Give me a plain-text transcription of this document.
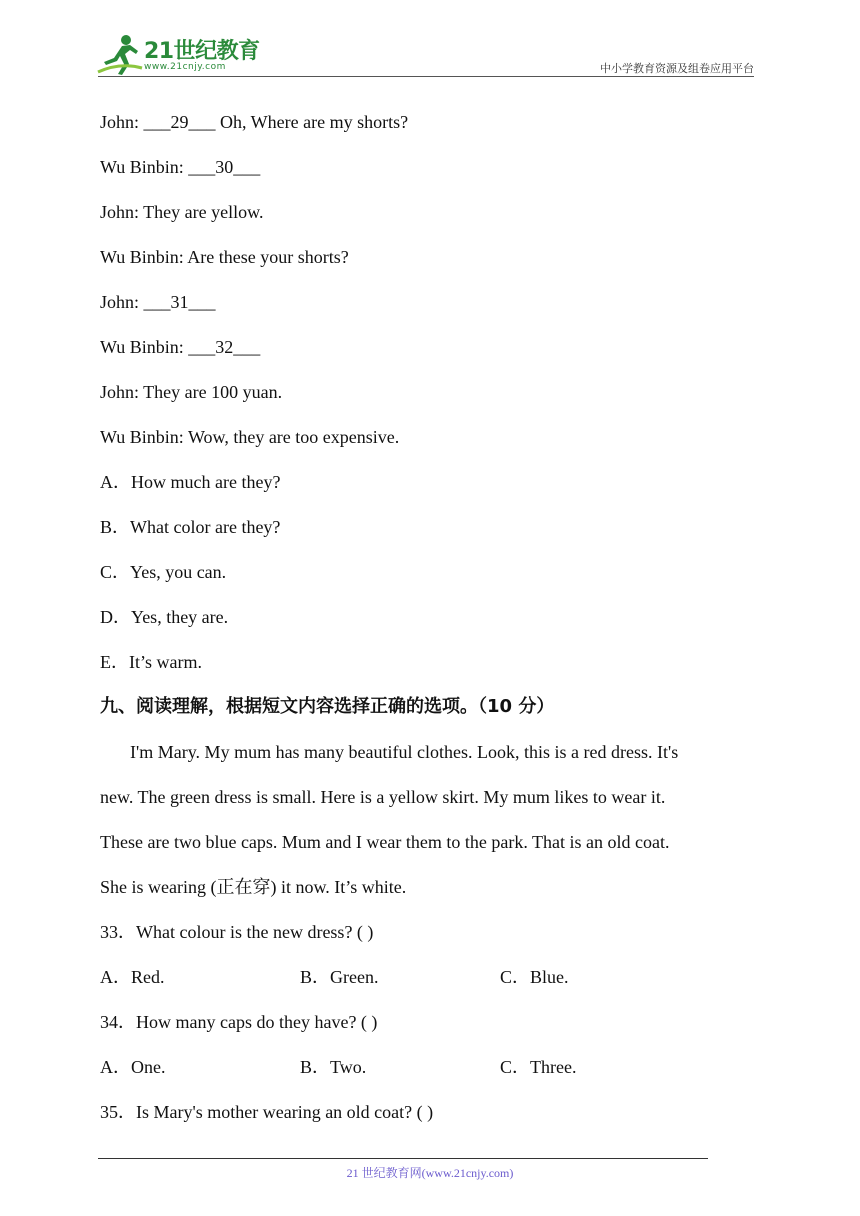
21世纪教育
www.21cnjy.com	中小学教育资源及组卷应用平台
John: ___29___ Oh, Where are my shorts?
Wu Binbin: ___30___
John: They are yellow.
Wu Binbin: Are these your shorts?
John: ___31___
Wu Binbin: ___32___
John: They are 100 yuan.
Wu Binbin: Wow, they are too expensive.
A．How much are they?
B．What color are they?
C．Yes, you can.
D．Yes, they are.
E．It’s warm.
九、阅读理解，根据短文内容选择正确的选项。（10 分）
I'm Mary. My mum has many beautiful clothes. Look, this is a red dress. It's
new. The green dress is small. Here is a yellow skirt. My mum likes to wear it.
These are two blue caps. Mum and I wear them to the park. That is an old coat.
She is wearing (正在穿) it now. It’s white.
33．What colour is the new dress? ( )
A．Red.	B．Green.	C．Blue.
34．How many caps do they have? ( )
A．One.	B．Two.	C．Three.
35．Is Mary's mother wearing an old coat? ( )
21 世纪教育网(www.21cnjy.com)
